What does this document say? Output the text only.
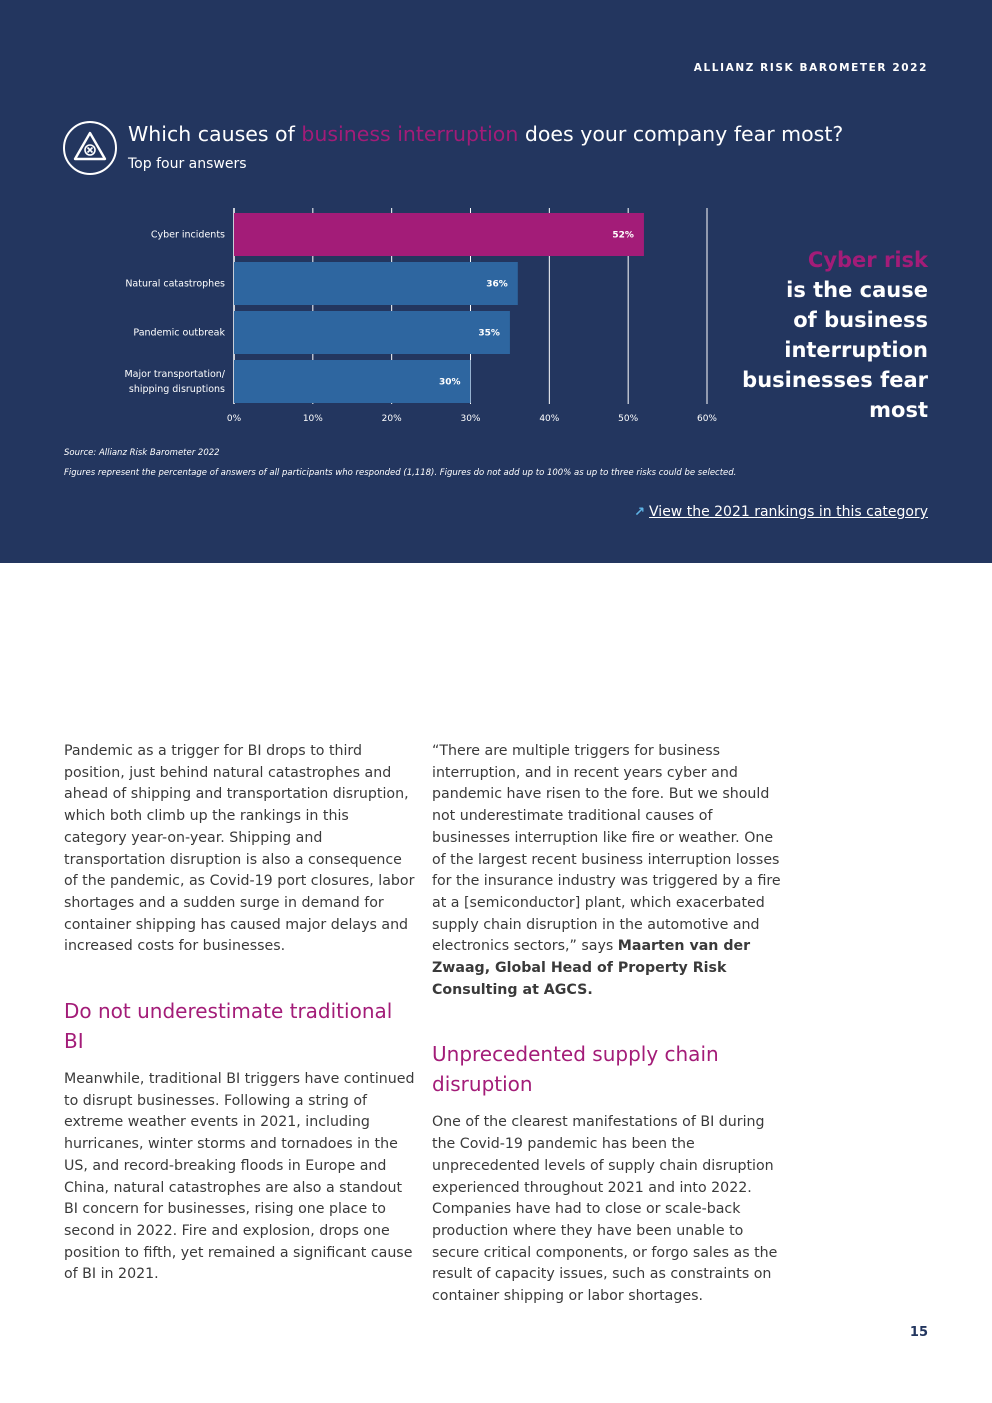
ALLIANZ RISK BAROMETER 2022
Which causes of business interruption does your company fear most?
Top four answers
0%	10%	20%	30%	40%	50%	60%
52%
Cyber incidents
36%
Natural catastrophes
35%
Pandemic outbreak
30%
Major transportation/
shipping disruptions
Cyber risk
is the cause
of business
interruption
businesses fear
most
Source: Allianz Risk Barometer 2022
Figures represent the percentage of answers of all participants who responded (1,118). Figures do not add up to 100% as up to three risks could be selected.
↗ View the 2021 rankings in this category

Pandemic as a trigger for BI drops to third position, just behind natural catastrophes and ahead of shipping and transportation disruption, which both climb up the rankings in this category year-on-year. Shipping and transportation disruption is also a consequence of the pandemic, as Covid-19 port closures, labor shortages and a sudden surge in demand for container shipping has caused major delays and increased costs for businesses.

Do not underestimate traditional BI

Meanwhile, traditional BI triggers have continued to disrupt businesses. Following a string of extreme weather events in 2021, including hurricanes, winter storms and tornadoes in the US, and record-breaking floods in Europe and China, natural catastrophes are also a standout BI concern for businesses, rising one place to second in 2022. Fire and explosion, drops one position to fifth, yet remained a significant cause of BI in 2021.

“There are multiple triggers for business interruption, and in recent years cyber and pandemic have risen to the fore. But we should not underestimate traditional causes of businesses interruption like fire or weather. One of the largest recent business interruption losses for the insurance industry was triggered by a fire at a [semiconductor] plant, which exacerbated supply chain disruption in the automotive and electronics sectors,” says Maarten van der Zwaag, Global Head of Property Risk Consulting at AGCS.

Unprecedented supply chain disruption

One of the clearest manifestations of BI during the Covid-19 pandemic has been the unprecedented levels of supply chain disruption experienced throughout 2021 and into 2022. Companies have had to close or scale-back production where they have been unable to secure critical components, or forgo sales as the result of capacity issues, such as constraints on container shipping or labor shortages.

15
